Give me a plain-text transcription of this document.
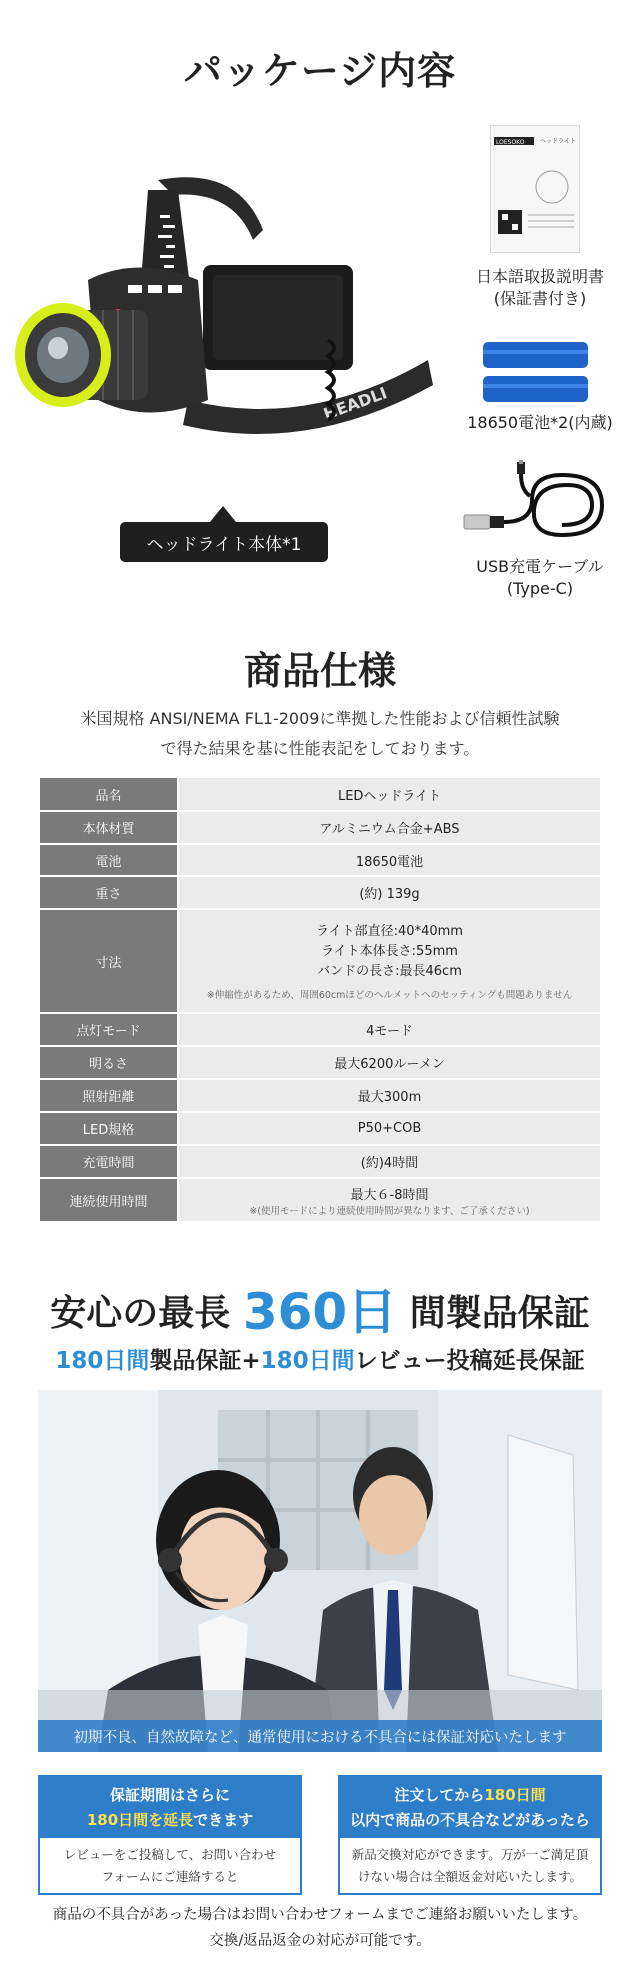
パッケージ内容
HEADLI
ヘッドライト本体*1
LOESOKO	ヘッドライト
日本語取扱説明書
(保証書付き)
18650電池*2(内蔵)
USB充電ケーブル
(Type-C)
商品仕様
米国規格 ANSI/NEMA FL1-2009に準拠した性能および信頼性試験
で得た結果を基に性能表記をしております。
品名	LEDヘッドライト
本体材質	アルミニウム合金+ABS
電池	18650電池
重さ	(約) 139g
寸法	ライト部直径:40*40mm
ライト本体長さ:55mm
バンドの長さ:最長46cm
※伸縮性があるため、周囲60cmほどのヘルメットへのセッティングも問題ありません

点灯モード	4モード
明るさ	最大6200ルーメン
照射距離	最大300m
LED規格	P50+COB
充電時間	(約)4時間
連続使用時間	最大６-8時間
※(使用モードにより連続使用時間が異なります、ご了承ください)
安心の最長 360日 間製品保証
180日間製品保証+180日間レビュー投稿延長保証
初期不良、自然故障など、通常使用における不具合には保証対応いたします
保証期間はさらに
180日間を延長できます
レビューをご投稿して、お問い合わせ
フォームにご連絡すると
注文してから180日間
以内で商品の不具合などがあったら
新品交換対応ができます。万が一ご満足頂
けない場合は全額返金対応いたします。
商品の不具合があった場合はお問い合わせフォームまでご連絡お願いいたします。
交換/返品返金の対応が可能です。
